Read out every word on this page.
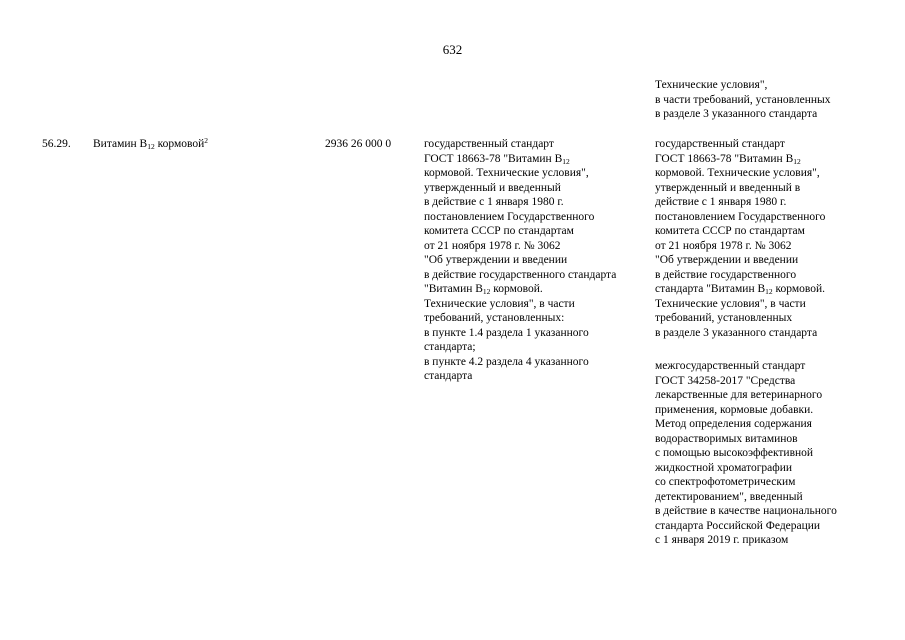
632
Технические условия",
в части требований, установленных
в разделе 3 указанного стандарта
56.29. Витамин $B_{12}$ кормовой$^2$	2936 26 000 0	государственный стандарт
ГОСТ 18663-78 "Витамин $B_{12}$
кормовой. Технические условия",
утвержденный и введенный
в действие с 1 января 1980 г.
постановлением Государственного
комитета СССР по стандартам
от 21 ноября 1978 г. № 3062
"Об утверждении и введении
в действие государственного стандарта
"Витамин $B_{12}$ кормовой.
Технические условия", в части
требований, установленных:
в пункте 1.4 раздела 1 указанного
стандарта;
в пункте 4.2 раздела 4 указанного
стандарта
государственный стандарт
ГОСТ 18663-78 "Витамин $B_{12}$
кормовой. Технические условия",
утвержденный и введенный в
действие с 1 января 1980 г.
постановлением Государственного
комитета СССР по стандартам
от 21 ноября 1978 г. № 3062
"Об утверждении и введении
в действие государственного
стандарта "Витамин $B_{12}$ кормовой.
Технические условия", в части
требований, установленных
в разделе 3 указанного стандарта
межгосударственный стандарт
ГОСТ 34258-2017 "Средства
лекарственные для ветеринарного
применения, кормовые добавки.
Метод определения содержания
водорастворимых витаминов
с помощью высокоэффективной
жидкостной хроматографии
со спектрофотометрическим
детектированием", введенный
в действие в качестве национального
стандарта Российской Федерации
с 1 января 2019 г. приказом
